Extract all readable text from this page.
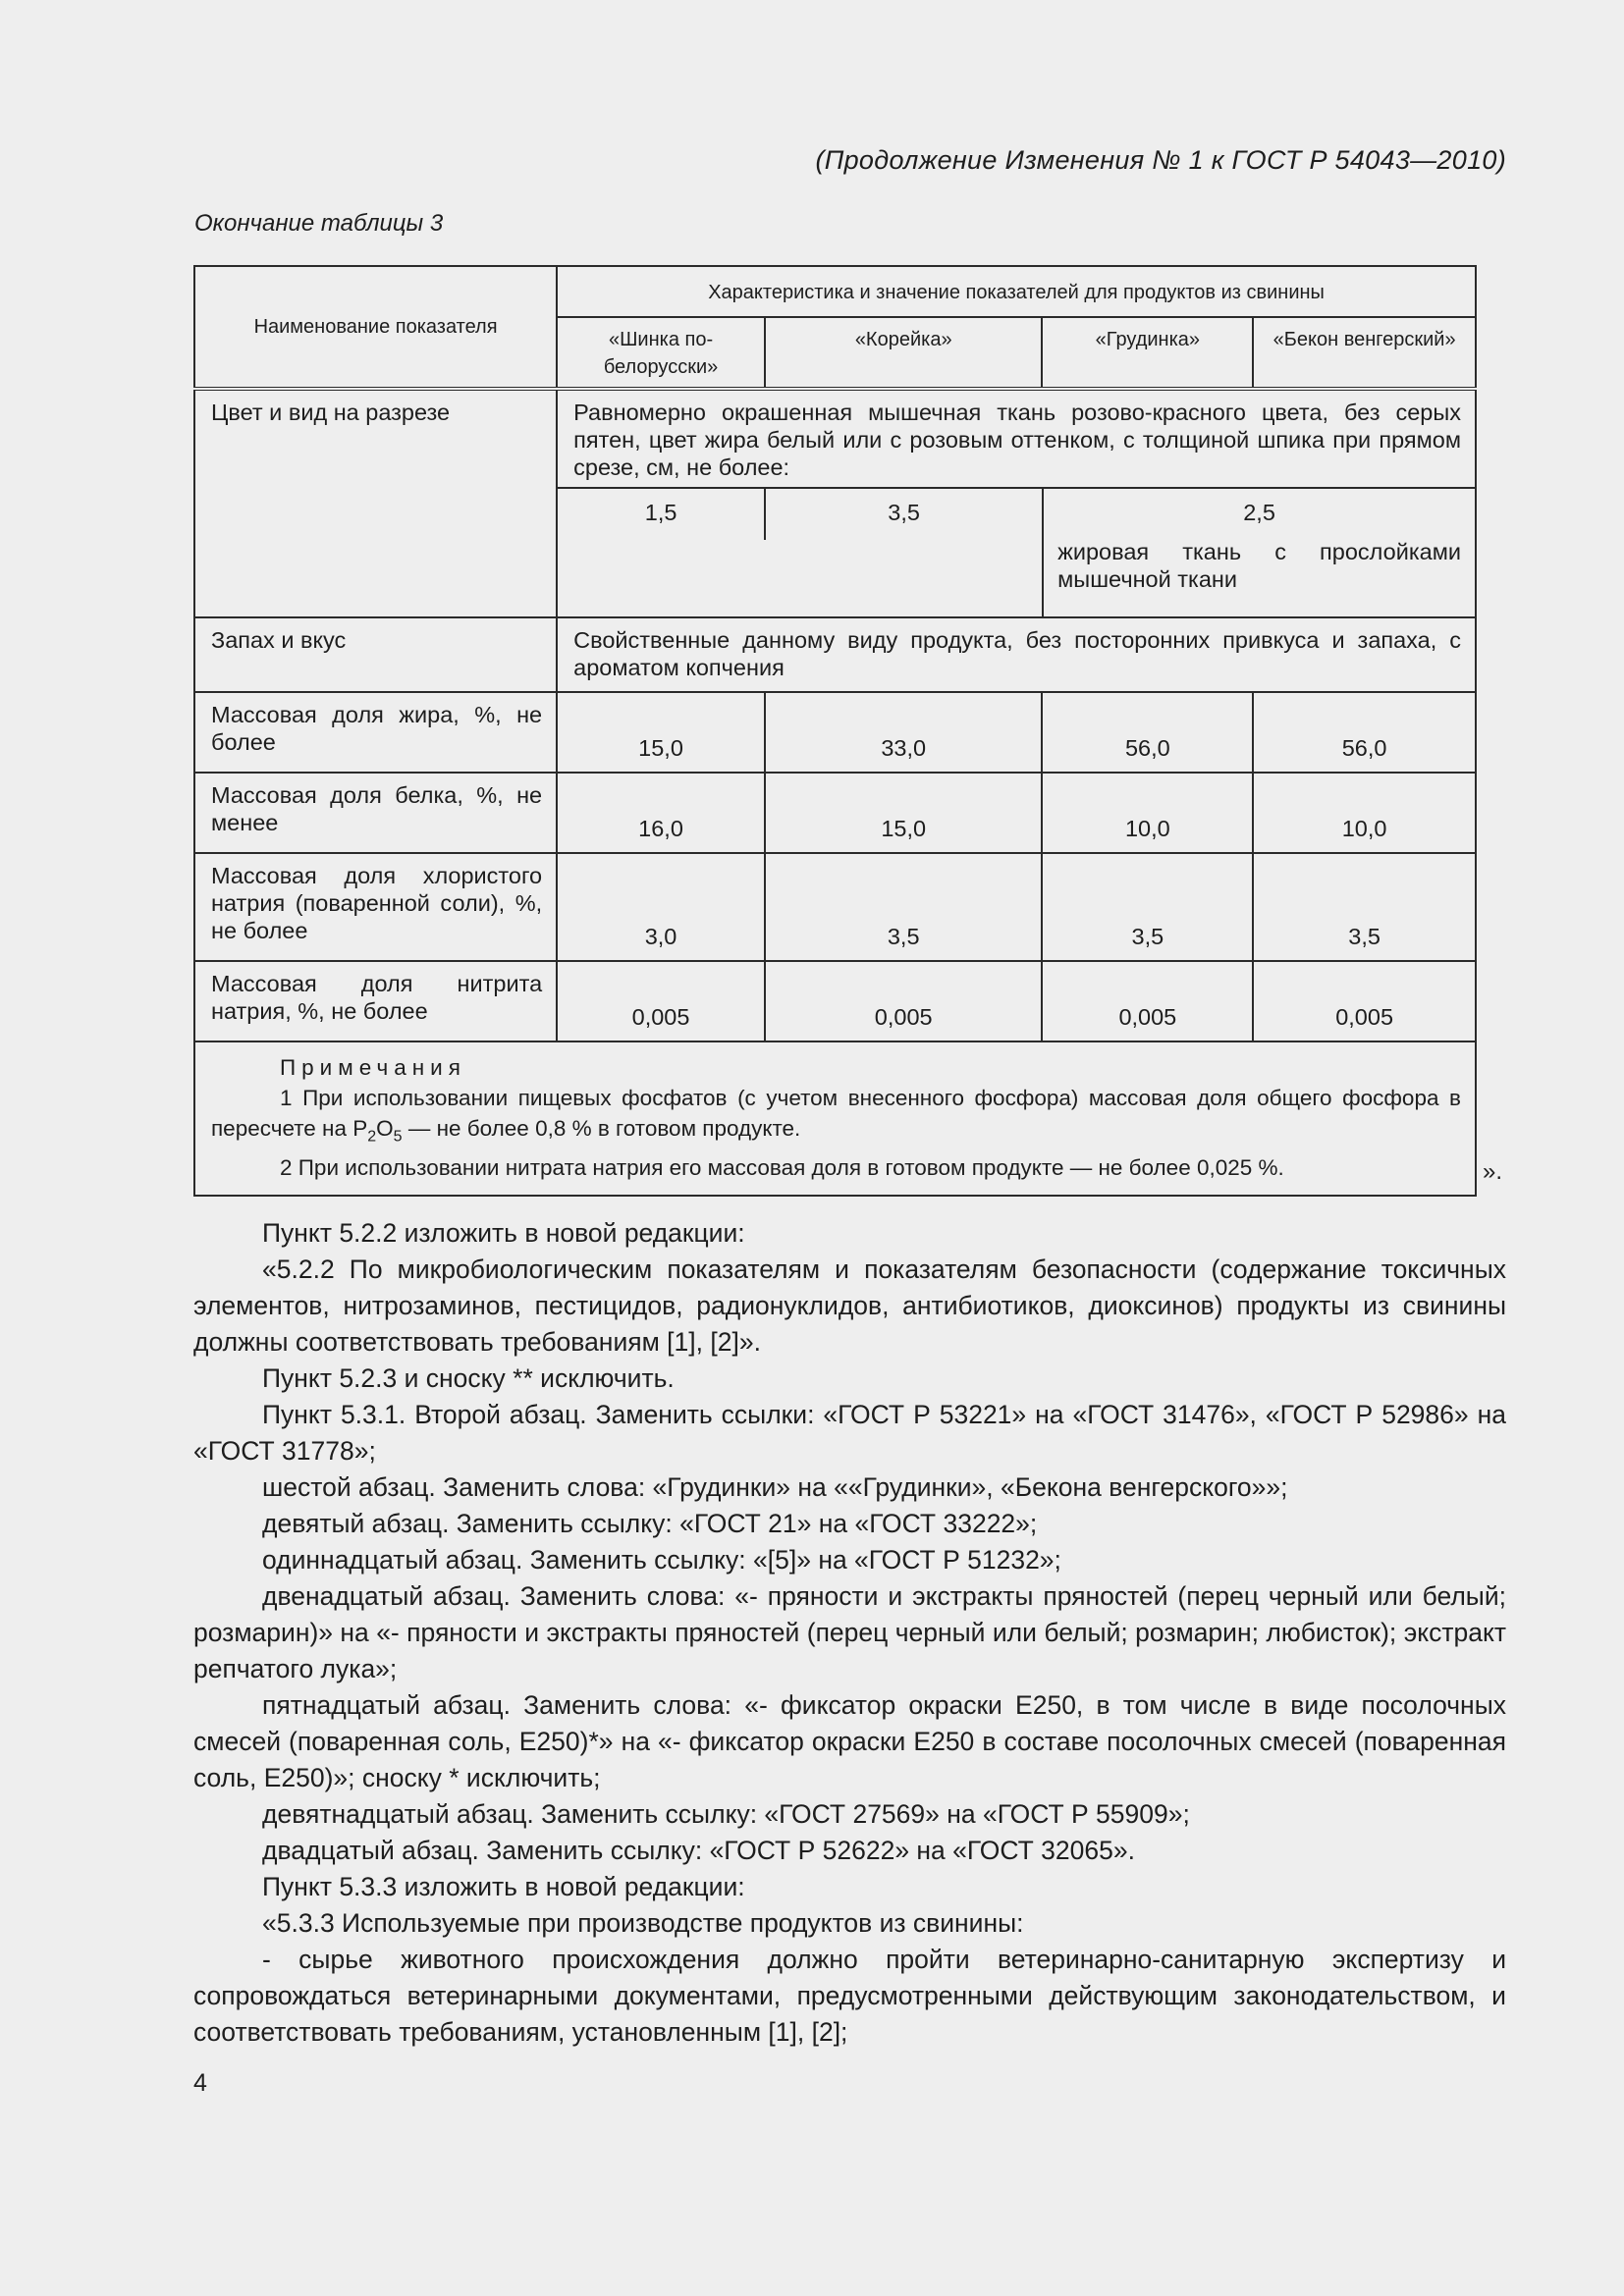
(Продолжение Изменения № 1 к ГОСТ Р 54043—2010)
Окончание таблицы 3
Наименование показателя	Характеристика и значение показателей для продуктов из свинины			
	«Шинка по-белорусски»	«Корейка»	«Грудинка»	«Бекон венгерский»
Цвет и вид на разрезе	Равномерно окрашенная мышечная ткань розово-красного цвета, без серых пятен, цвет жира белый или с розовым оттенком, с толщиной шпика при прямом срезе, см, не более:			

	1,5 3,5 2,5
жировая ткань с прослойками мышечной ткани			

Запах и вкус	Свойственные данному виду продукта, без посторонних привкуса и запаха, с ароматом копчения			
Массовая доля жира, %, не более	15,0	33,0	56,0	56,0
Массовая доля белка, %, не менее	16,0	15,0	10,0	10,0
Массовая доля хлористого натрия (поваренной соли), %, не более	3,0	3,5	3,5	3,5
Массовая доля нитрита натрия, %, не более	0,005	0,005	0,005	0,005

Примечания
1 При использовании пищевых фосфатов (с учетом внесенного фосфора) массовая доля общего фосфора в пересчете на $P_2O_5$ — не более 0,8 % в готовом продукте.
2 При использовании нитрата натрия его массовая доля в готовом продукте — не более 0,025 %.					».

Пункт 5.2.2 изложить в новой редакции:

«5.2.2 По микробиологическим показателям и показателям безопасности (содержание токсичных элементов, нитрозаминов, пестицидов, радионуклидов, антибиотиков, диоксинов) продукты из свинины должны соответствовать требованиям [1], [2]».

Пункт 5.2.3 и сноску ** исключить.

Пункт 5.3.1. Второй абзац. Заменить ссылки: «ГОСТ Р 53221» на «ГОСТ 31476», «ГОСТ Р 52986» на «ГОСТ 31778»;

шестой абзац. Заменить слова: «Грудинки» на ««Грудинки», «Бекона венгерского»»;

девятый абзац. Заменить ссылку: «ГОСТ 21» на «ГОСТ 33222»;

одиннадцатый абзац. Заменить ссылку: «[5]» на «ГОСТ Р 51232»;

двенадцатый абзац. Заменить слова: «- пряности и экстракты пряностей (перец черный или белый; розмарин)» на «- пряности и экстракты пряностей (перец черный или белый; розмарин; любисток); экстракт репчатого лука»;

пятнадцатый абзац. Заменить слова: «- фиксатор окраски Е250, в том числе в виде посолочных смесей (поваренная соль, Е250)*» на «- фиксатор окраски Е250 в составе посолочных смесей (поваренная соль, Е250)»; сноску * исключить;

девятнадцатый абзац. Заменить ссылку: «ГОСТ 27569» на «ГОСТ Р 55909»;

двадцатый абзац. Заменить ссылку: «ГОСТ Р 52622» на «ГОСТ 32065».

Пункт 5.3.3 изложить в новой редакции:

«5.3.3 Используемые при производстве продуктов из свинины:

- сырье животного происхождения должно пройти ветеринарно-санитарную экспертизу и сопровождаться ветеринарными документами, предусмотренными действующим законодательством, и соответствовать требованиям, установленным [1], [2];

4
